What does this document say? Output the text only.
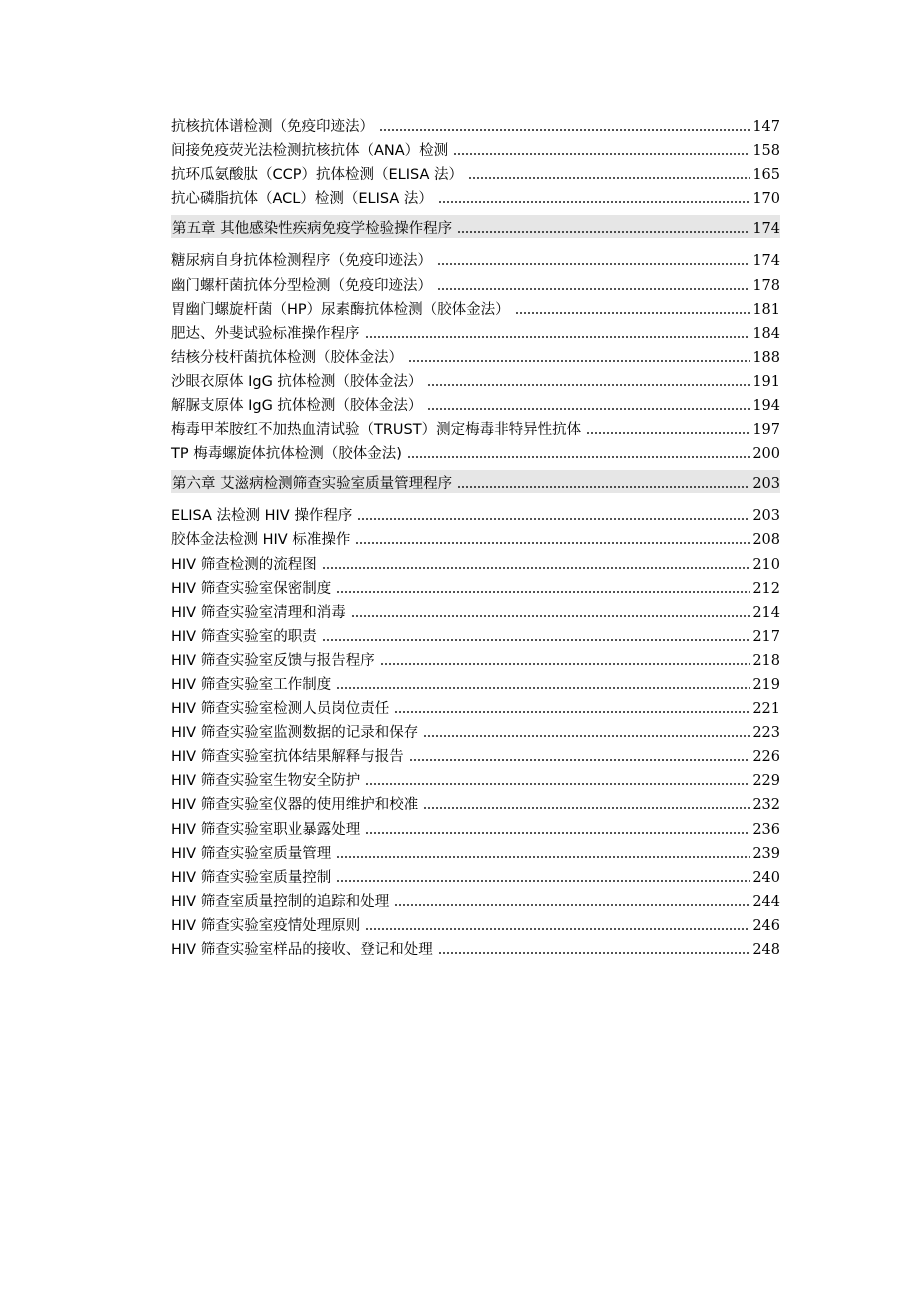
抗核抗体谱检测（免疫印迹法）	147
间接免疫荧光法检测抗核抗体（ANA）检测	158
抗环瓜氨酸肽（CCP）抗体检测（ELISA 法）	165
抗心磷脂抗体（ACL）检测（ELISA 法）	170
第五章 其他感染性疾病免疫学检验操作程序	174
糖尿病自身抗体检测程序（免疫印迹法）	174
幽门螺杆菌抗体分型检测（免疫印迹法）	178
胃幽门螺旋杆菌（HP）尿素酶抗体检测（胶体金法）	181
肥达、外斐试验标准操作程序	184
结核分枝杆菌抗体检测（胶体金法）	188
沙眼衣原体 IgG 抗体检测（胶体金法）	191
解脲支原体 IgG 抗体检测（胶体金法）	194
梅毒甲苯胺红不加热血清试验（TRUST）测定梅毒非特异性抗体	197
TP 梅毒螺旋体抗体检测（胶体金法)	200
第六章 艾滋病检测筛查实验室质量管理程序	203
ELISA 法检测 HIV 操作程序	203
胶体金法检测 HIV 标准操作	208
HIV 筛查检测的流程图	210
HIV 筛查实验室保密制度	212
HIV 筛查实验室清理和消毒	214
HIV 筛查实验室的职责	217
HIV 筛查实验室反馈与报告程序	218
HIV 筛查实验室工作制度	219
HIV 筛查实验室检测人员岗位责任	221
HIV 筛查实验室监测数据的记录和保存	223
HIV 筛查实验室抗体结果解释与报告	226
HIV 筛查实验室生物安全防护	229
HIV 筛查实验室仪器的使用维护和校准	232
HIV 筛查实验室职业暴露处理	236
HIV 筛查实验室质量管理	239
HIV 筛查实验室质量控制	240
HIV 筛查室质量控制的追踪和处理	244
HIV 筛查实验室疫情处理原则	246
HIV 筛查实验室样品的接收、登记和处理	248
